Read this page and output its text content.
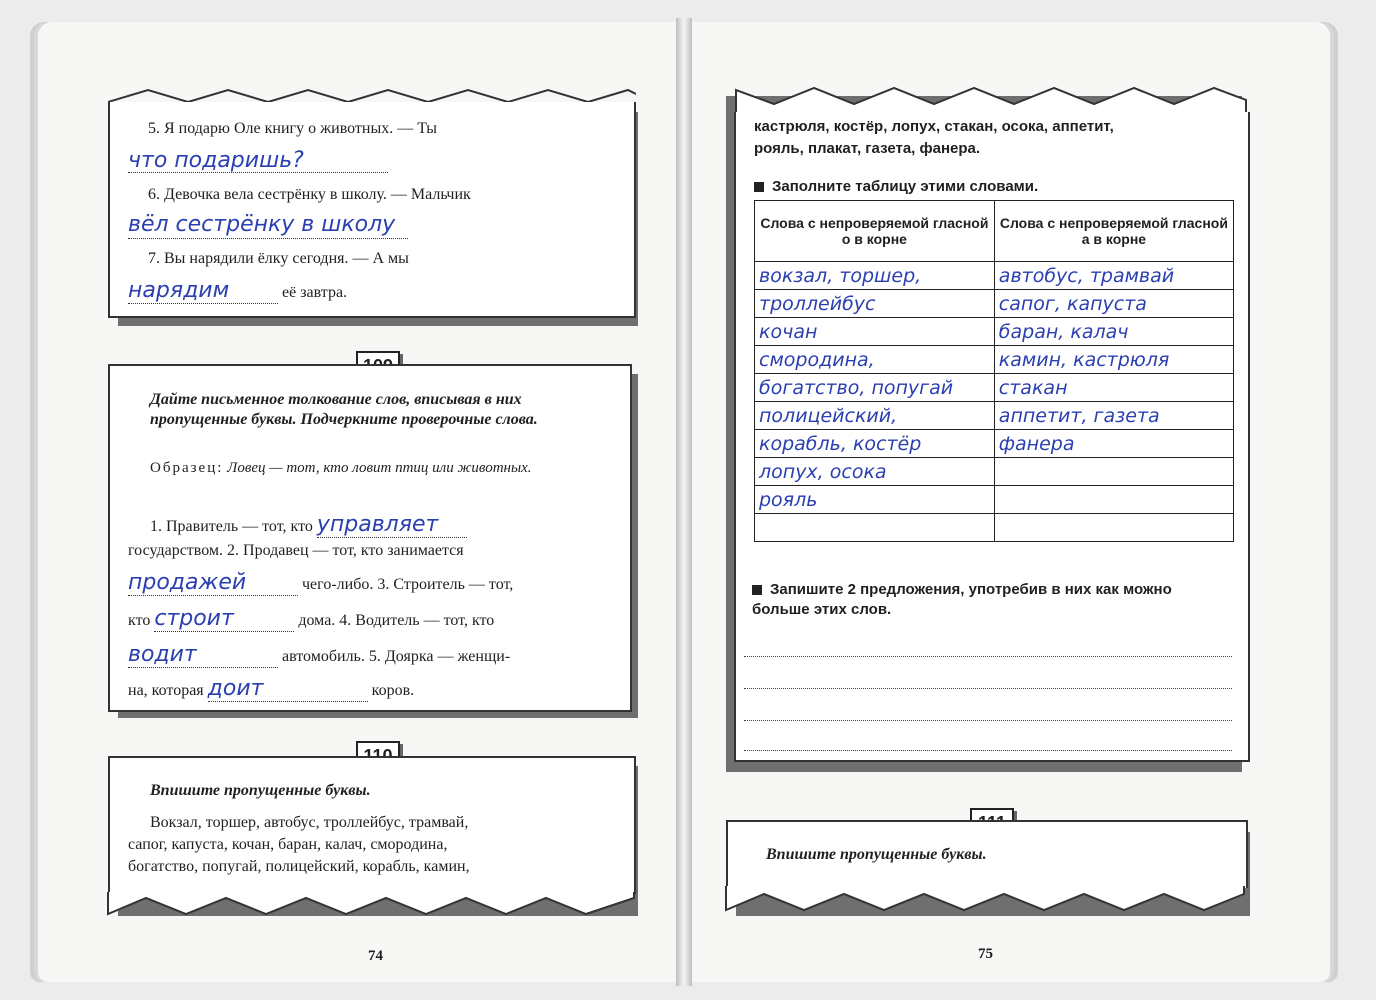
5. Я подарю Оле книгу о животных. — Ты
что подаришь?
6. Девочка вела сестрёнку в школу. — Мальчик
вёл сестрёнку в школу
7. Вы нарядили ёлку сегодня. — А мы
нарядим	её завтра.
Дайте письменное толкование слов, вписывая в них пропущенные буквы. Подчеркните проверочные слова.
Образец: Ловец — тот, кто ловит птиц или животных.
1. Правитель — тот, кто управляет
государством. 2. Продавец — тот, кто занимается
продажей	чего-либо. 3. Строитель — тот,
кто строит	дома. 4. Водитель — тот, кто
водит	автомобиль. 5. Доярка — женщи-
на, которая доит	коров.
Впишите пропущенные буквы.
Вокзал, торшер, автобус, троллейбус, трамвай,
сапог, капуста, кочан, баран, калач, смородина,
богатство, попугай, полицейский, корабль, камин,
74
кастрюля, костёр, лопух, стакан, осока, аппетит,
рояль, плакат, газета, фанера.
Заполните таблицу этими словами.
Слова с непроверяемой гласной о в корне	Слова с непроверяемой гласной а в корне
вокзал, торшер,	автобус, трамвай
троллейбус	сапог, капуста
кочан	баран, калач
смородина,	камин, кастрюля
богатство, попугай	стакан
полицейский,	аппетит, газета
корабль, костёр	фанера
лопух, осока	
рояль	

Запишите 2 предложения, употребив в них как можно больше этих слов.
Впишите пропущенные буквы.
75
